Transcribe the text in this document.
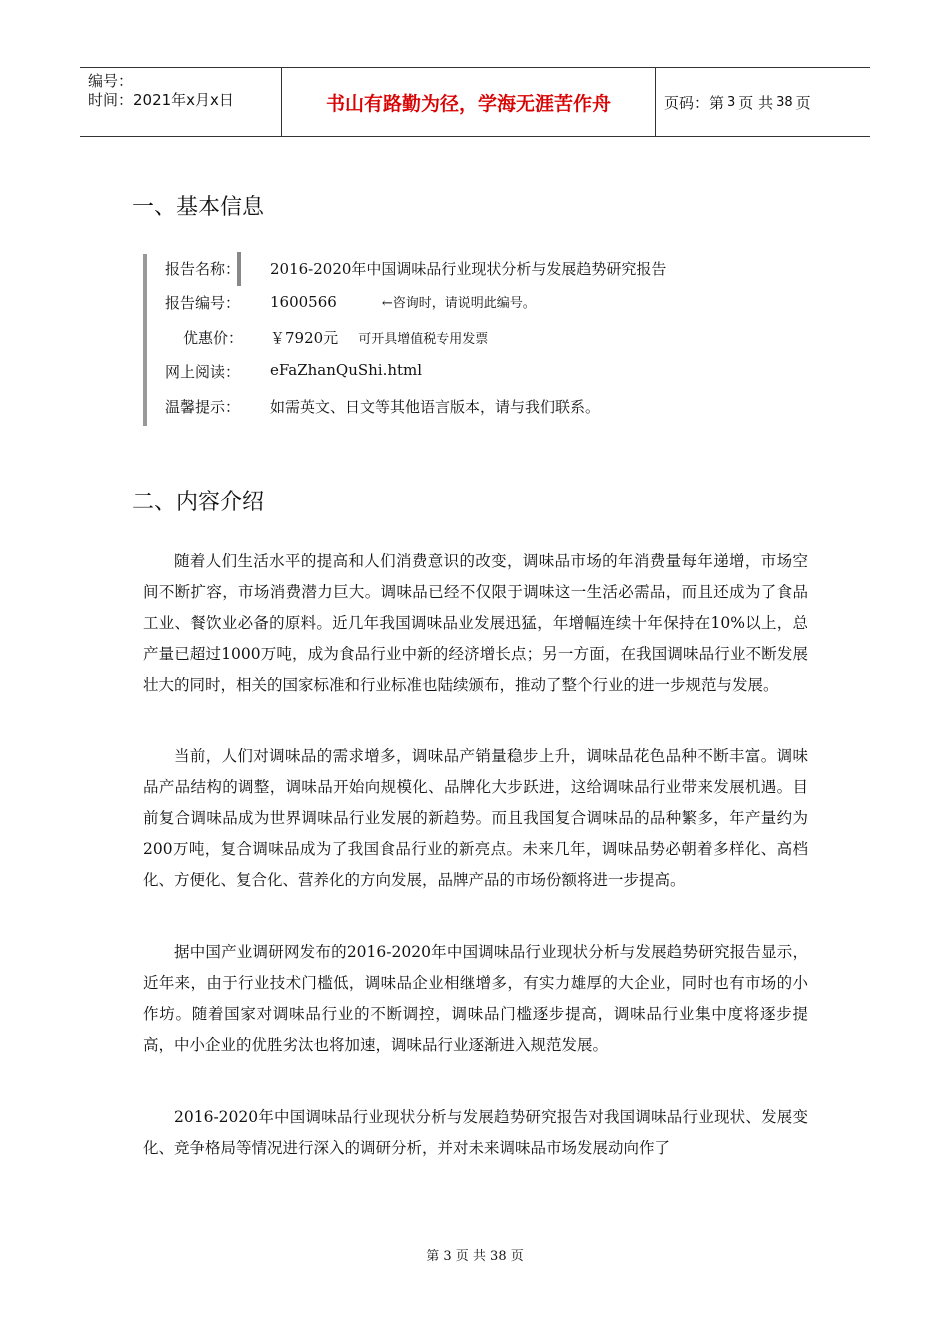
编号：
时间：2021年x月x日	书山有路勤为径，学海无涯苦作舟	页码：第 3 页 共 38 页
一、基本信息
报告名称：	2016-2020年中国调味品行业现状分析与发展趋势研究报告
报告编号：	1600566	←咨询时，请说明此编号。
优惠价：	￥7920元 可开具增值税专用发票
网上阅读：	eFaZhanQuShi.html
温馨提示：	如需英文、日文等其他语言版本，请与我们联系。
二、内容介绍

随着人们生活水平的提高和人们消费意识的改变，调味品市场的年消费量每年递增，市场空间不断扩容，市场消费潜力巨大。调味品已经不仅限于调味这一生活必需品，而且还成为了食品工业、餐饮业必备的原料。近几年我国调味品业发展迅猛，年增幅连续十年保持在10%以上，总产量已超过1000万吨，成为食品行业中新的经济增长点；另一方面，在我国调味品行业不断发展壮大的同时，相关的国家标准和行业标准也陆续颁布，推动了整个行业的进一步规范与发展。

当前，人们对调味品的需求增多，调味品产销量稳步上升，调味品花色品种不断丰富。调味品产品结构的调整，调味品开始向规模化、品牌化大步跃进，这给调味品行业带来发展机遇。目前复合调味品成为世界调味品行业发展的新趋势。而且我国复合调味品的品种繁多，年产量约为200万吨，复合调味品成为了我国食品行业的新亮点。未来几年，调味品势必朝着多样化、高档化、方便化、复合化、营养化的方向发展，品牌产品的市场份额将进一步提高。

据中国产业调研网发布的2016-2020年中国调味品行业现状分析与发展趋势研究报告显示，近年来，由于行业技术门槛低，调味品企业相继增多，有实力雄厚的大企业，同时也有市场的小作坊。随着国家对调味品行业的不断调控，调味品门槛逐步提高，调味品行业集中度将逐步提高，中小企业的优胜劣汰也将加速，调味品行业逐渐进入规范发展。

2016-2020年中国调味品行业现状分析与发展趋势研究报告对我国调味品行业现状、发展变化、竞争格局等情况进行深入的调研分析，并对未来调味品市场发展动向作了

第 3 页 共 38 页
